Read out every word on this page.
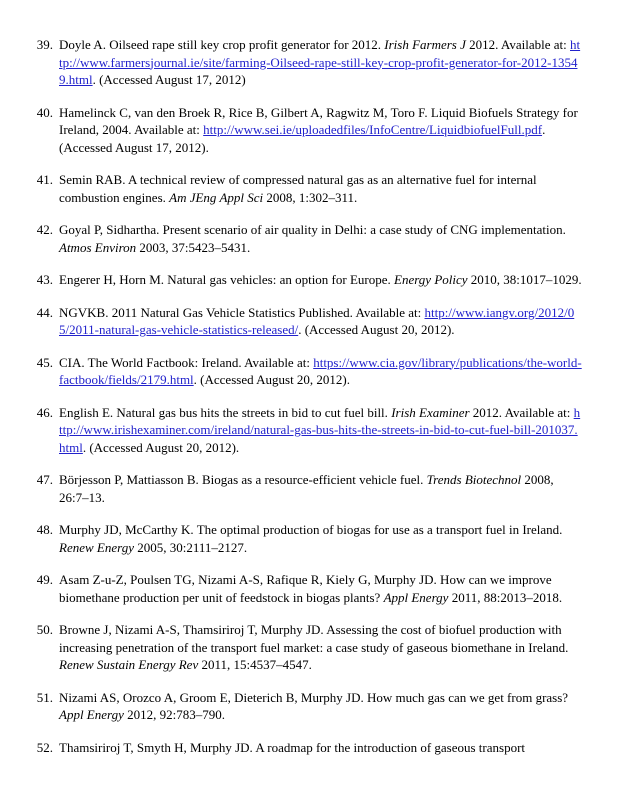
39. Doyle A. Oilseed rape still key crop profit generator for 2012. Irish Farmers J 2012. Available at: http://www.farmersjournal.ie/site/farming-Oilseed-rape-still-key-crop-profit-generator-for-2012-13549.html. (Accessed August 17, 2012)
40. Hamelinck C, van den Broek R, Rice B, Gilbert A, Ragwitz M, Toro F. Liquid Biofuels Strategy for Ireland, 2004. Available at: http://www.sei.ie/uploadedfiles/InfoCentre/LiquidbiofuelFull.pdf. (Accessed August 17, 2012).
41. Semin RAB. A technical review of compressed natural gas as an alternative fuel for internal combustion engines. Am JEng Appl Sci 2008, 1:302–311.
42. Goyal P, Sidhartha. Present scenario of air quality in Delhi: a case study of CNG implementation. Atmos Environ 2003, 37:5423–5431.
43. Engerer H, Horn M. Natural gas vehicles: an option for Europe. Energy Policy 2010, 38:1017–1029.
44. NGVKB. 2011 Natural Gas Vehicle Statistics Published. Available at: http://www.iangv.org/2012/05/2011-natural-gas-vehicle-statistics-released/. (Accessed August 20, 2012).
45. CIA. The World Factbook: Ireland. Available at: https://www.cia.gov/library/publications/the-world-factbook/fields/2179.html. (Accessed August 20, 2012).
46. English E. Natural gas bus hits the streets in bid to cut fuel bill. Irish Examiner 2012. Available at: http://www.irishexaminer.com/ireland/natural-gas-bus-hits-the-streets-in-bid-to-cut-fuel-bill-201037.html. (Accessed August 20, 2012).
47. Börjesson P, Mattiasson B. Biogas as a resource-efficient vehicle fuel. Trends Biotechnol 2008, 26:7–13.
48. Murphy JD, McCarthy K. The optimal production of biogas for use as a transport fuel in Ireland. Renew Energy 2005, 30:2111–2127.
49. Asam Z-u-Z, Poulsen TG, Nizami A-S, Rafique R, Kiely G, Murphy JD. How can we improve biomethane production per unit of feedstock in biogas plants? Appl Energy 2011, 88:2013–2018.
50. Browne J, Nizami A-S, Thamsiriroj T, Murphy JD. Assessing the cost of biofuel production with increasing penetration of the transport fuel market: a case study of gaseous biomethane in Ireland. Renew Sustain Energy Rev 2011, 15:4537–4547.
51. Nizami AS, Orozco A, Groom E, Dieterich B, Murphy JD. How much gas can we get from grass? Appl Energy 2012, 92:783–790.
52. Thamsiriroj T, Smyth H, Murphy JD. A roadmap for the introduction of gaseous transport
